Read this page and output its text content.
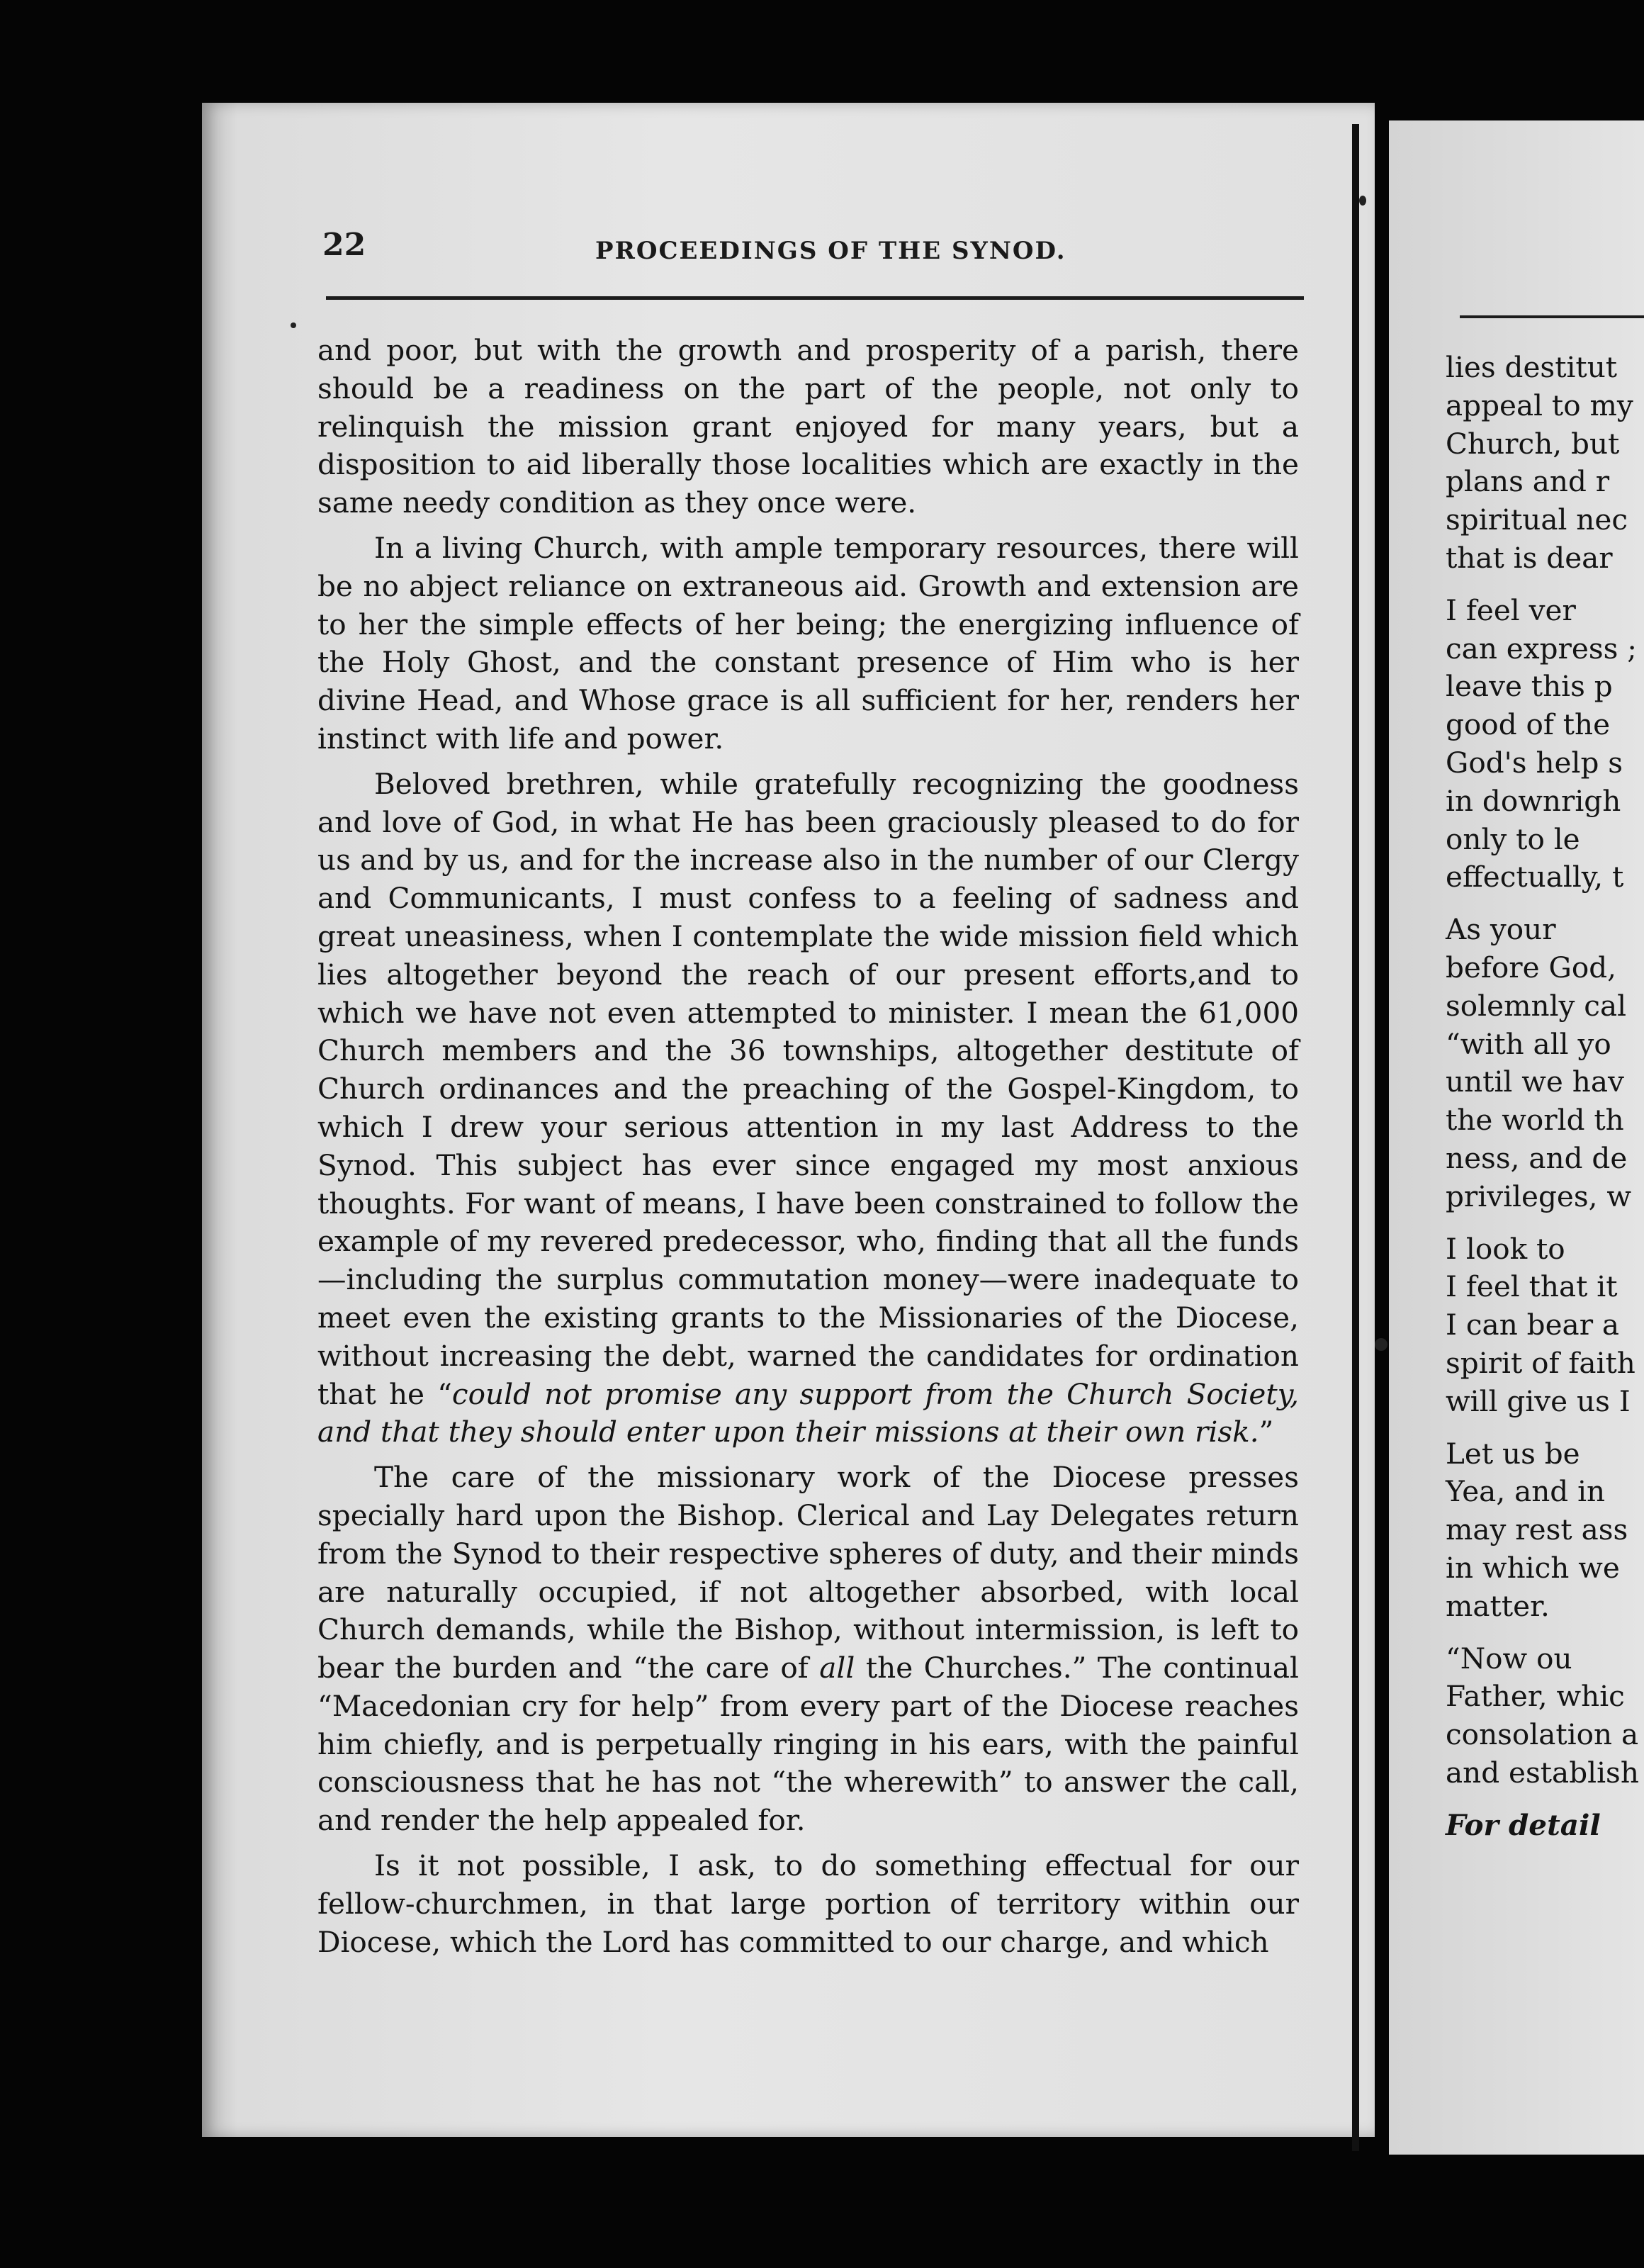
22	PROCEEDINGS OF THE SYNOD.

and poor, but with the growth and prosperity of a parish, there should be a readiness on the part of the people, not only to relinquish the mission grant enjoyed for many years, but a disposition to aid liberally those localities which are exactly in the same needy condition as they once were.

In a living Church, with ample temporary resources, there will be no abject reliance on extraneous aid. Growth and extension are to her the simple effects of her being; the energizing influence of the Holy Ghost, and the constant presence of Him who is her divine Head, and Whose grace is all sufficient for her, renders her instinct with life and power.

Beloved brethren, while gratefully recognizing the goodness and love of God, in what He has been graciously pleased to do for us and by us, and for the increase also in the number of our Clergy and Communicants, I must confess to a feeling of sadness and great uneasiness, when I contemplate the wide mission field which lies altogether beyond the reach of our present efforts,and to which we have not even attempted to minister. I mean the 61,000 Church members and the 36 townships, altogether destitute of Church ordinances and the preaching of the Gospel-Kingdom, to which I drew your serious attention in my last Address to the Synod. This subject has ever since engaged my most anxious thoughts. For want of means, I have been constrained to follow the example of my revered predecessor, who, finding that all the funds—including the surplus commutation money—were inadequate to meet even the existing grants to the Missionaries of the Diocese, without increasing the debt, warned the candidates for ordination that he “could not promise any support from the Church Society, and that they should enter upon their missions at their own risk.”

The care of the missionary work of the Diocese presses specially hard upon the Bishop. Clerical and Lay Delegates return from the Synod to their respective spheres of duty, and their minds are naturally occupied, if not altogether absorbed, with local Church demands, while the Bishop, without intermission, is left to bear the burden and “the care of all the Churches.” The continual “Macedonian cry for help” from every part of the Diocese reaches him chiefly, and is perpetually ringing in his ears, with the painful consciousness that he has not “the wherewith” to answer the call, and render the help appealed for.

Is it not possible, I ask, to do something effectual for our fellow-churchmen, in that large portion of territory within our Diocese, which the Lord has committed to our charge, and which

lies destitut
appeal to my
Church, but
plans and r
spiritual nec
that is dear
I feel ver
can express ;
leave this p
good of the
God's help s
in downrigh
only to le
effectually, t
As your
before God,
solemnly cal
“with all yo
until we hav
the world th
ness, and de
privileges, w
I look to
I feel that it
I can bear a
spirit of faith
will give us I
Let us be
Yea, and in
may rest ass
in which we
matter.
“Now ou
Father, whic
consolation a
and establish
For detail
